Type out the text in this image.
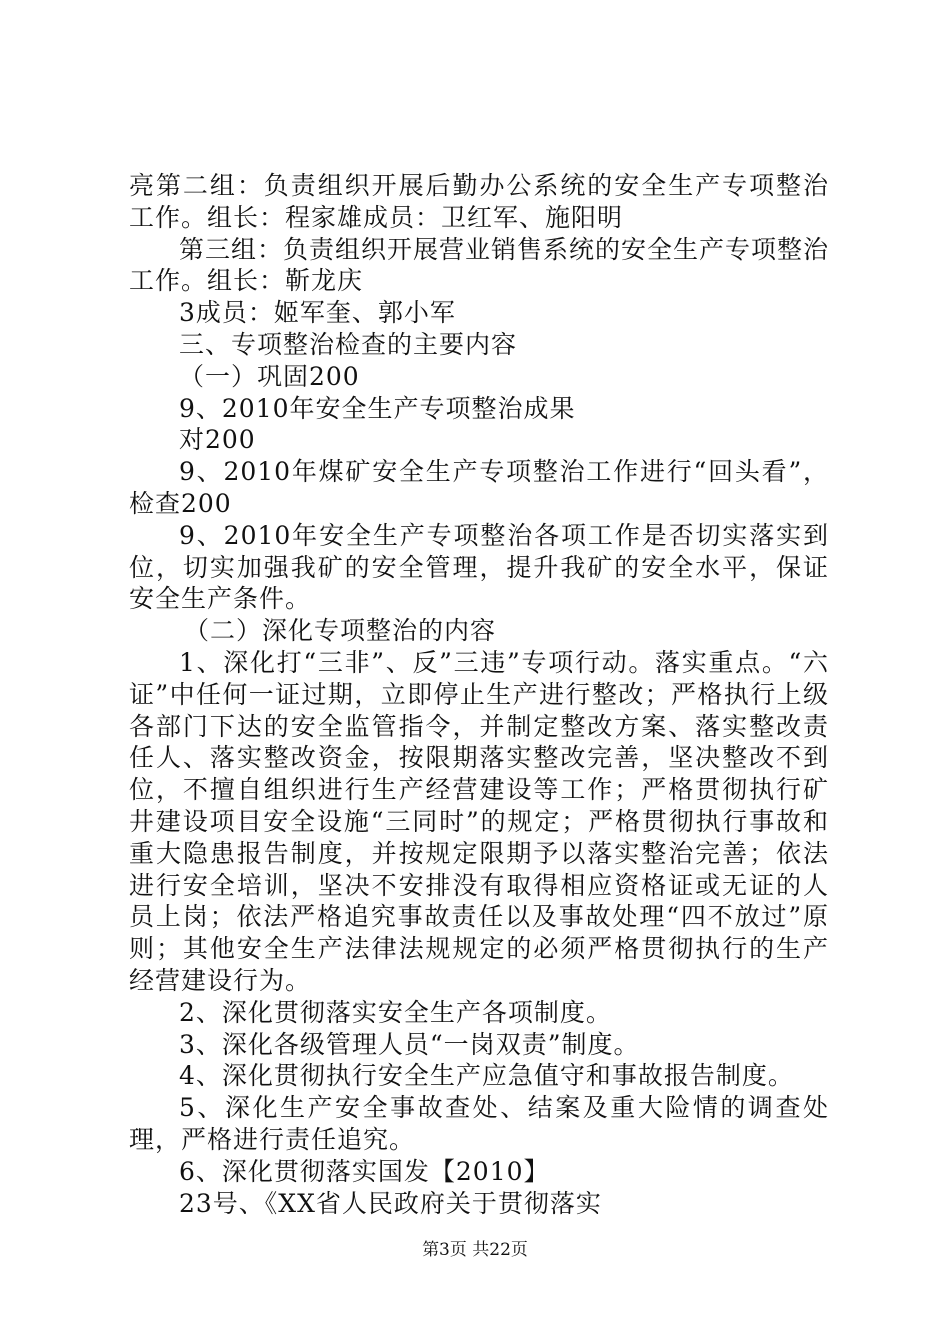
亮第二组：负责组织开展后勤办公系统的安全生产专项整治工作。组长：程家雄成员：卫红军、施阳明

第三组：负责组织开展营业销售系统的安全生产专项整治工作。组长：靳龙庆

3成员：姬军奎、郭小军

三、专项整治检查的主要内容

（一）巩固200

9、2010年安全生产专项整治成果

对200

9、2010年煤矿安全生产专项整治工作进行“回头看”，检查200

9、2010年安全生产专项整治各项工作是否切实落实到位，切实加强我矿的安全管理，提升我矿的安全水平，保证安全生产条件。

（二）深化专项整治的内容

1、深化打“三非”、反”三违”专项行动。落实重点。“六证”中任何一证过期，立即停止生产进行整改；严格执行上级各部门下达的安全监管指令，并制定整改方案、落实整改责任人、落实整改资金，按限期落实整改完善，坚决整改不到位，不擅自组织进行生产经营建设等工作；严格贯彻执行矿井建设项目安全设施“三同时”的规定；严格贯彻执行事故和重大隐患报告制度，并按规定限期予以落实整治完善；依法进行安全培训，坚决不安排没有取得相应资格证或无证的人员上岗；依法严格追究事故责任以及事故处理“四不放过”原则；其他安全生产法律法规规定的必须严格贯彻执行的生产经营建设行为。

2、深化贯彻落实安全生产各项制度。

3、深化各级管理人员“一岗双责”制度。

4、深化贯彻执行安全生产应急值守和事故报告制度。

5、深化生产安全事故查处、结案及重大险情的调查处理，严格进行责任追究。

6、深化贯彻落实国发【2010】

23号、《XX省人民政府关于贯彻落实

第3页 共22页
